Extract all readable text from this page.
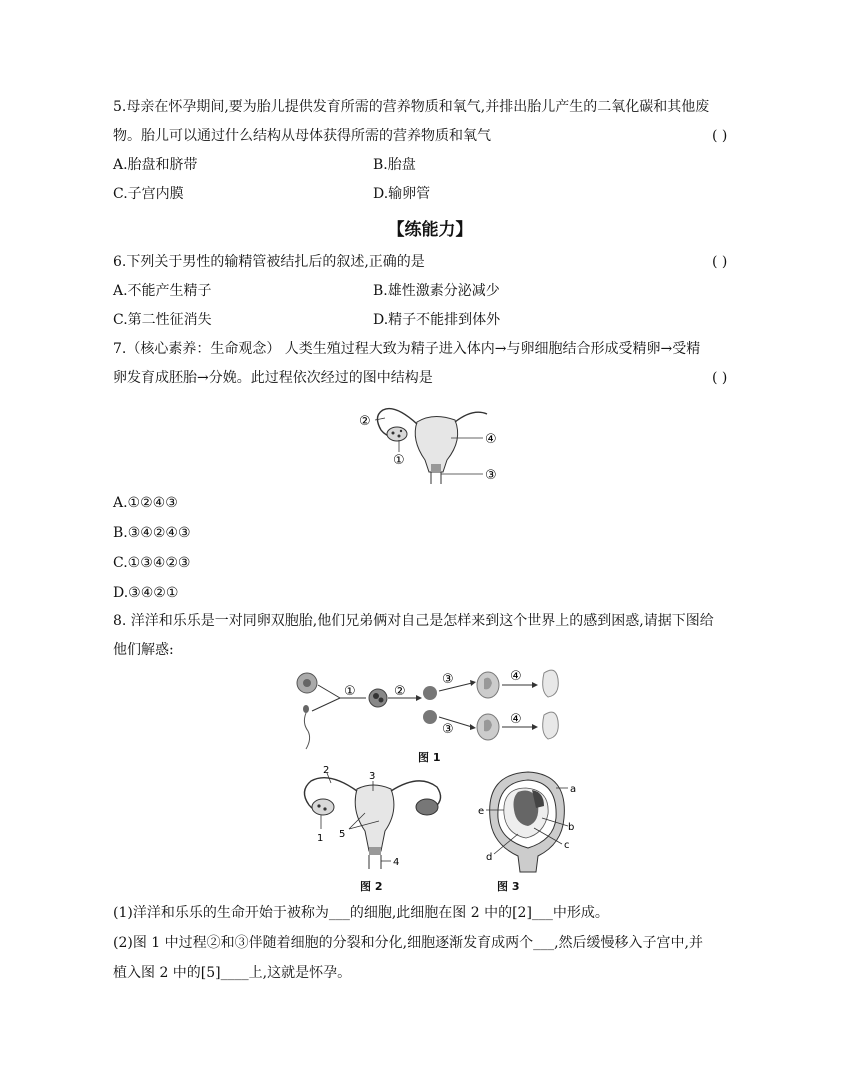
5.母亲在怀孕期间,要为胎儿提供发育所需的营养物质和氧气,并排出胎儿产生的二氧化碳和其他废
物。胎儿可以通过什么结构从母体获得所需的营养物质和氧气	( )
A.胎盘和脐带	B.胎盘
C.子宫内膜	D.输卵管
【练能力】
6.下列关于男性的输精管被结扎后的叙述,正确的是	( )
A.不能产生精子	B.雄性激素分泌减少
C.第二性征消失	D.精子不能排到体外
7.（核心素养：生命观念） 人类生殖过程大致为精子进入体内→与卵细胞结合形成受精卵→受精
卵发育成胚胎→分娩。此过程依次经过的图中结构是	( )
②
①
④
③
A.①②④③
B.③④②④③
C.①③④②③
D.③④②①
8. 洋洋和乐乐是一对同卵双胞胎,他们兄弟俩对自己是怎样来到这个世界上的感到困惑,请据下图给
他们解惑:
①	②
③	④
③
④
图 1
2
3
5
1
4
图 2
a
b
c
d
e
图 3
(1)洋洋和乐乐的生命开始于被称为___的细胞,此细胞在图 2 中的[2]___中形成。
(2)图 1 中过程②和③伴随着细胞的分裂和分化,细胞逐渐发育成两个___,然后缓慢移入子宫中,并
植入图 2 中的[5]____上,这就是怀孕。
